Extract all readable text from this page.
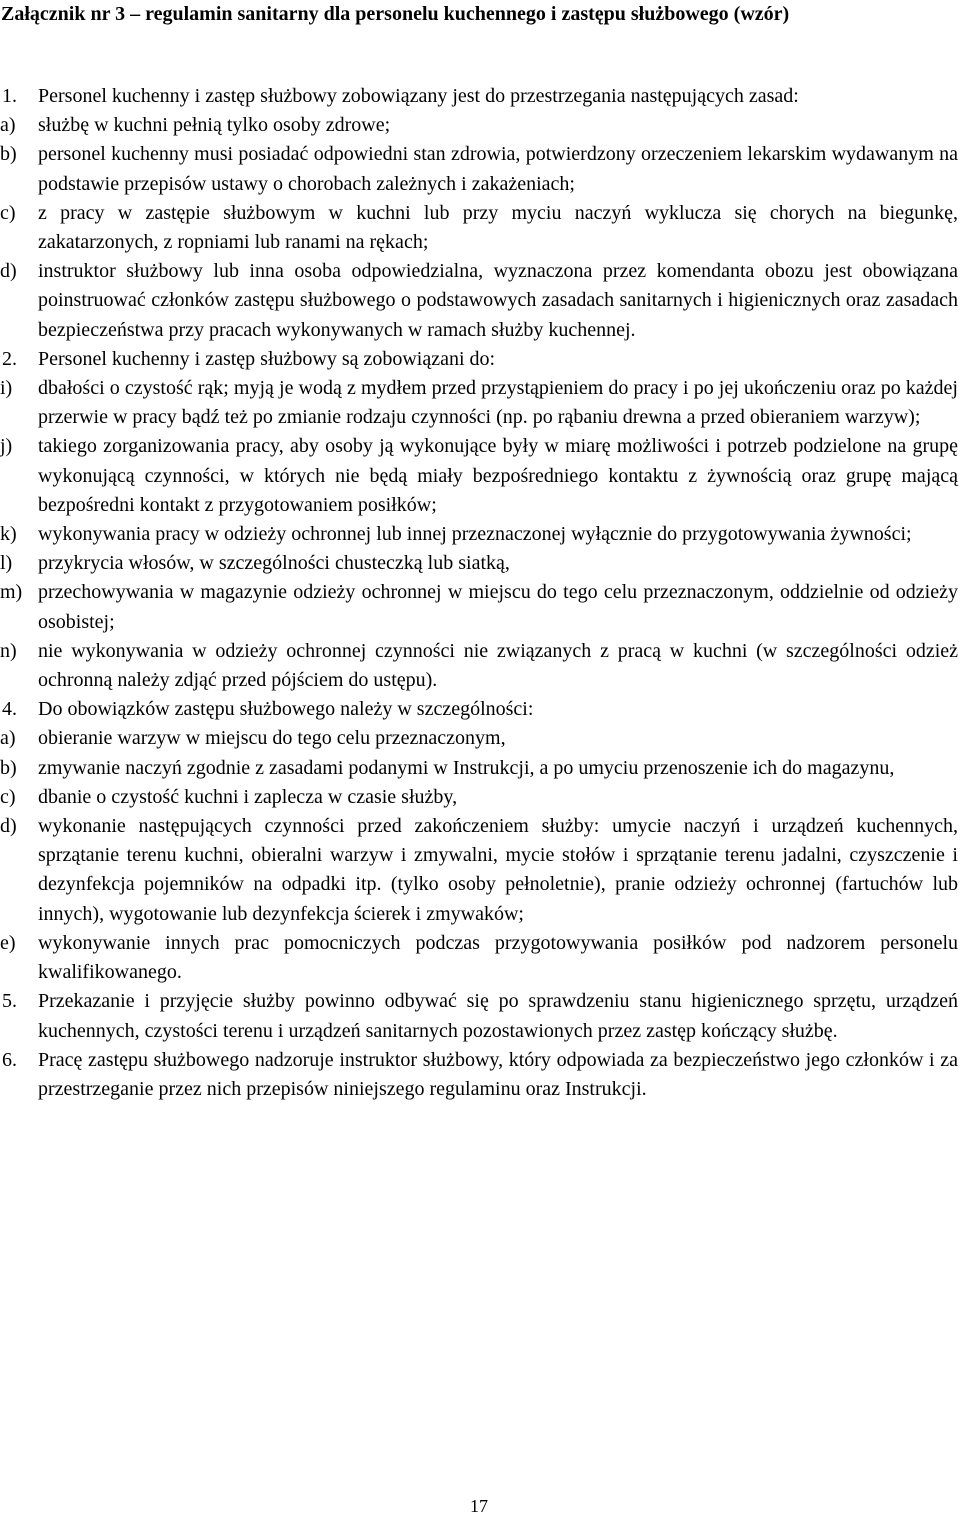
Załącznik nr 3 – regulamin sanitarny dla personelu kuchennego i zastępu służbowego (wzór)
1.	Personel kuchenny i zastęp służbowy zobowiązany jest do przestrzegania następujących zasad:
a)	służbę w kuchni pełnią tylko osoby zdrowe;
b)	personel kuchenny musi posiadać odpowiedni stan zdrowia, potwierdzony orzeczeniem lekarskim wydawanym na podstawie przepisów ustawy o chorobach zależnych i zakażeniach;
c)	z pracy w zastępie służbowym w kuchni lub przy myciu naczyń wyklucza się chorych na biegunkę, zakatarzonych, z ropniami lub ranami na rękach;
d)	instruktor służbowy lub inna osoba odpowiedzialna, wyznaczona przez komendanta obozu jest obowiązana poinstruować członków zastępu służbowego o podstawowych zasadach sanitarnych i higienicznych oraz zasadach bezpieczeństwa przy pracach wykonywanych w ramach służby kuchennej.
2.	Personel kuchenny i zastęp służbowy są zobowiązani do:
i)	dbałości o czystość rąk; myją je wodą z mydłem przed przystąpieniem do pracy i po jej ukończeniu oraz po każdej przerwie w pracy bądź też po zmianie rodzaju czynności (np. po rąbaniu drewna a przed obieraniem warzyw);
j)	takiego zorganizowania pracy, aby osoby ją wykonujące były w miarę możliwości i potrzeb podzielone na grupę wykonującą czynności, w których nie będą miały bezpośredniego kontaktu z żywnością oraz grupę mającą bezpośredni kontakt z przygotowaniem posiłków;
k)	wykonywania pracy w odzieży ochronnej lub innej przeznaczonej wyłącznie do przygotowywania żywności;
l)	przykrycia włosów, w szczególności chusteczką lub siatką,
m) przechowywania w magazynie odzieży ochronnej w miejscu do tego celu przeznaczonym, oddzielnie od odzieży osobistej;
n)	nie wykonywania w odzieży ochronnej czynności nie związanych z pracą w kuchni (w szczególności odzież ochronną należy zdjąć przed pójściem do ustępu).
4.	Do obowiązków zastępu służbowego należy w szczególności:
a)	obieranie warzyw w miejscu do tego celu przeznaczonym,
b)	zmywanie naczyń zgodnie z zasadami podanymi w Instrukcji, a po umyciu przenoszenie ich do magazynu,
c)	dbanie o czystość kuchni i zaplecza w czasie służby,
d)	wykonanie następujących czynności przed zakończeniem służby: umycie naczyń i urządzeń kuchennych, sprzątanie terenu kuchni, obieralni warzyw i zmywalni, mycie stołów i sprzątanie terenu jadalni, czyszczenie i dezynfekcja pojemników na odpadki itp. (tylko osoby pełnoletnie), pranie odzieży ochronnej (fartuchów lub innych), wygotowanie lub dezynfekcja ścierek i zmywaków;
e)	wykonywanie innych prac pomocniczych podczas przygotowywania posiłków pod nadzorem personelu kwalifikowanego.
5.	Przekazanie i przyjęcie służby powinno odbywać się po sprawdzeniu stanu higienicznego sprzętu, urządzeń kuchennych, czystości terenu i urządzeń sanitarnych pozostawionych przez zastęp kończący służbę.
6.	Pracę zastępu służbowego nadzoruje instruktor służbowy, który odpowiada za bezpieczeństwo jego członków i za przestrzeganie przez nich przepisów niniejszego regulaminu oraz Instrukcji.
17
